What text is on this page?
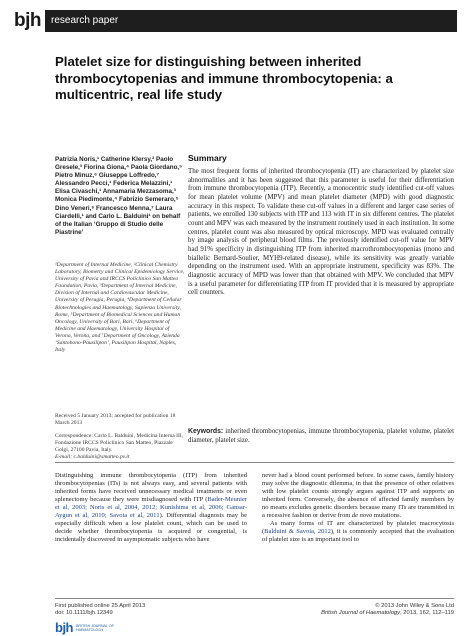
bjh	research paper
Platelet size for distinguishing between inherited thrombocytopenias and immune thrombocytopenia: a multicentric, real life study
Patrizia Noris,¹ Catherine Klersy,² Paolo Gresele,³ Fiorina Giona,⁴ Paola Giordano,⁵ Pietro Minuz,⁶ Giuseppe Loffredo,⁷ Alessandro Pecci,¹ Federica Melazzini,¹ Elisa Civaschi,¹ Annamaria Mezzasoma,³ Monica Piedimonte,⁴ Fabrizio Semeraro,⁵ Dino Veneri,⁶ Francesco Menna,⁷ Laura Ciardelli,¹ and Carlo L. Balduini¹ on behalf of the Italian ‘Gruppo di Studio delle Piastrine’
¹Department of Internal Medicine, ²Clinical Chemistry Laboratory, Biometry and Clinical Epidemiology Service, University of Pavia and IRCCS Policlinico San Matteo Foundation, Pavia, ³Department of Internal Medicine, Division of Internal and Cardiovascular Medicine, University of Perugia, Perugia, ⁴Department of Cellular Biotechnologies and Haematology, Sapienza University, Rome, ⁵Department of Biomedical Sciences and Human Oncology, University of Bari, Bari, ⁶Department of Medicine and Haematology, University Hospital of Verona, Verona, and ⁷Department of Oncology, Azienda ‘Santobono-Pausilipon’, Pausilipon Hospital, Naples, Italy

Received 5 January 2013; accepted for publication 18 March 2013

Correspondence: Carlo L. Balduini, Medicina Interna III, Fondazione IRCCS Policlinico San Matteo, Piazzale Golgi, 27100 Pavia, Italy.
E-mail: c.balduini@smatteo.pv.it

Summary

The most frequent forms of inherited thrombocytopenia (IT) are characterized by platelet size abnormalities and it has been suggested that this parameter is useful for their differentiation from immune thrombocytopenia (ITP). Recently, a monocentric study identified cut-off values for mean platelet volume (MPV) and mean platelet diameter (MPD) with good diagnostic accuracy in this respect. To validate these cut-off values in a different and larger case series of patients, we enrolled 130 subjects with ITP and 113 with IT in six different centres. The platelet count and MPV was each measured by the instrument routinely used in each institution. In some centres, platelet count was also measured by optical microscopy. MPD was evaluated centrally by image analysis of peripheral blood films. The previously identified cut-off value for MPV had 91% specificity in distinguishing ITP from inherited macrothrombocytopenias (mono and biallelic Bernard-Soulier, MYH9-related disease), while its sensitivity was greatly variable depending on the instrument used. With an appropriate instrument, specificity was 83%. The diagnostic accuracy of MPD was lower than that obtained with MPV. We concluded that MPV is a useful parameter for differentiating ITP from IT provided that it is measured by appropriate cell counters.

Keywords: inherited thrombocytopenias, immune thrombocytopenia, platelet volume, platelet diameter, platelet size.

Distinguishing immune thrombocytopenia (ITP) from inherited thrombocytopenias (ITs) is not always easy, and several patients with inherited forms have received unnecessary medical treatments or even splenectomy because they were misdiagnosed with ITP (Bader-Meunier et al, 2003; Noris et al, 2004, 2012; Kunishima et al, 2006; Gansar-Aygun et al, 2010; Savoia et al, 2011). Differential diagnosis may be especially difficult when a low platelet count, which can be used to decide whether thrombocytopenia is acquired or congenital, is incidentally discovered in asymptomatic subjects who have

never had a blood count performed before. In some cases, family history may solve the diagnostic dilemma, in that the presence of other relatives with low platelet counts strongly argues against ITP and supports an inherited form. Conversely, the absence of affected family members by no means excludes genetic disorders because many ITs are transmitted in a recessive fashion or derive from de novo mutations.
As many forms of IT are characterized by platelet macrocytosis (Balduini & Savoia, 2012), it is commonly accepted that the evaluation of platelet size is an important tool to

First published online 25 April 2013
doi: 10.1111/bjh.12349
© 2013 John Wiley & Sons Ltd
British Journal of Haematology, 2013, 162, 112–119
bjh BRITISH JOURNAL OF HAEMATOLOGY
